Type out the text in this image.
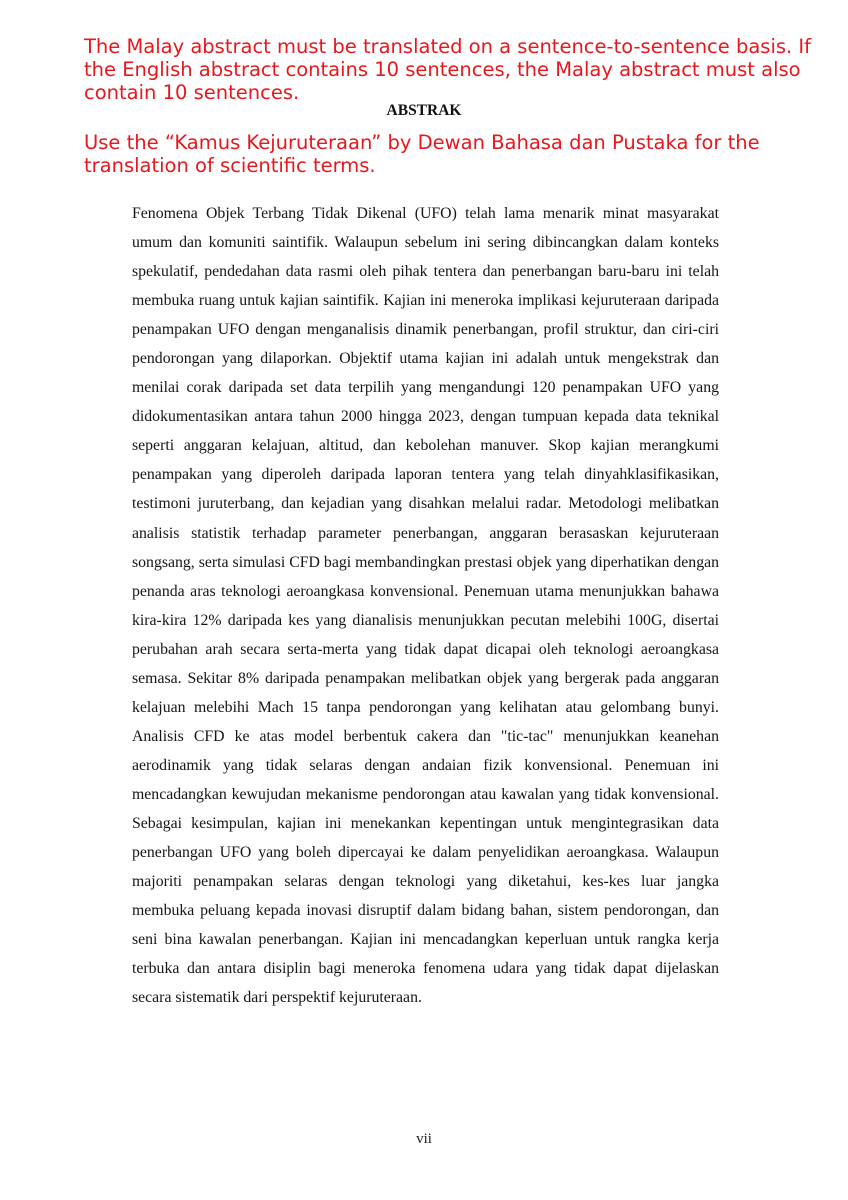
The Malay abstract must be translated on a sentence-to-sentence basis. If the English abstract contains 10 sentences, the Malay abstract must also contain 10 sentences.

ABSTRAK

Use the “Kamus Kejuruteraan” by Dewan Bahasa dan Pustaka for the translation of scientific terms.

Fenomena Objek Terbang Tidak Dikenal (UFO) telah lama menarik minat masyarakat umum dan komuniti saintifik. Walaupun sebelum ini sering dibincangkan dalam konteks spekulatif, pendedahan data rasmi oleh pihak tentera dan penerbangan baru-baru ini telah membuka ruang untuk kajian saintifik. Kajian ini meneroka implikasi kejuruteraan daripada penampakan UFO dengan menganalisis dinamik penerbangan, profil struktur, dan ciri-ciri pendorongan yang dilaporkan. Objektif utama kajian ini adalah untuk mengekstrak dan menilai corak daripada set data terpilih yang mengandungi 120 penampakan UFO yang didokumentasikan antara tahun 2000 hingga 2023, dengan tumpuan kepada data teknikal seperti anggaran kelajuan, altitud, dan kebolehan manuver. Skop kajian merangkumi penampakan yang diperoleh daripada laporan tentera yang telah dinyahklasifikasikan, testimoni juruterbang, dan kejadian yang disahkan melalui radar. Metodologi melibatkan analisis statistik terhadap parameter penerbangan, anggaran berasaskan kejuruteraan songsang, serta simulasi CFD bagi membandingkan prestasi objek yang diperhatikan dengan penanda aras teknologi aeroangkasa konvensional. Penemuan utama menunjukkan bahawa kira-kira 12% daripada kes yang dianalisis menunjukkan pecutan melebihi 100G, disertai perubahan arah secara serta-merta yang tidak dapat dicapai oleh teknologi aeroangkasa semasa. Sekitar 8% daripada penampakan melibatkan objek yang bergerak pada anggaran kelajuan melebihi Mach 15 tanpa pendorongan yang kelihatan atau gelombang bunyi. Analisis CFD ke atas model berbentuk cakera dan "tic-tac" menunjukkan keanehan aerodinamik yang tidak selaras dengan andaian fizik konvensional. Penemuan ini mencadangkan kewujudan mekanisme pendorongan atau kawalan yang tidak konvensional. Sebagai kesimpulan, kajian ini menekankan kepentingan untuk mengintegrasikan data penerbangan UFO yang boleh dipercayai ke dalam penyelidikan aeroangkasa. Walaupun majoriti penampakan selaras dengan teknologi yang diketahui, kes-kes luar jangka membuka peluang kepada inovasi disruptif dalam bidang bahan, sistem pendorongan, dan seni bina kawalan penerbangan. Kajian ini mencadangkan keperluan untuk rangka kerja terbuka dan antara disiplin bagi meneroka fenomena udara yang tidak dapat dijelaskan secara sistematik dari perspektif kejuruteraan.

vii
